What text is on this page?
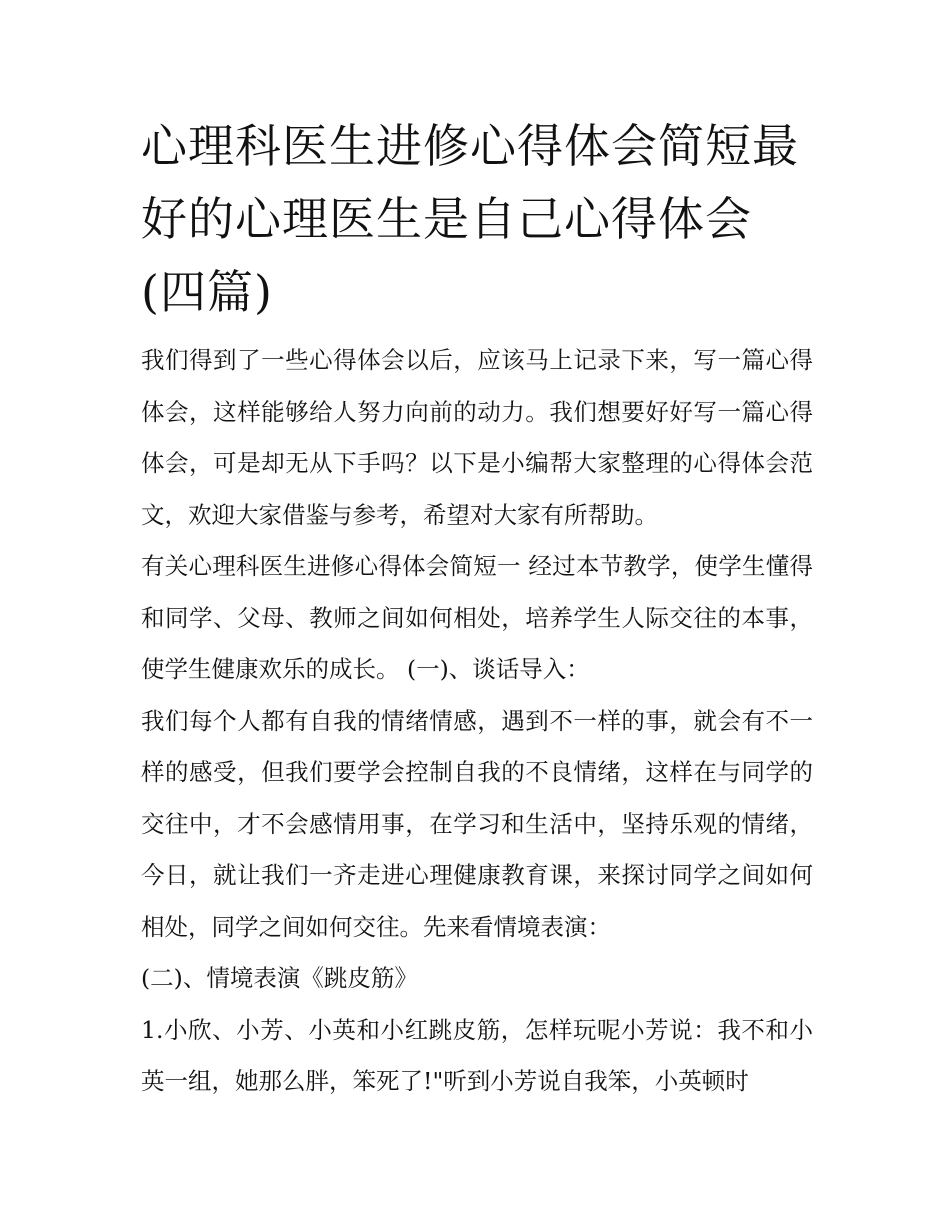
心理科医生进修心得体会简短最好的心理医生是自己心得体会(四篇)

我们得到了一些心得体会以后，应该马上记录下来，写一篇心得体会，这样能够给人努力向前的动力。我们想要好好写一篇心得体会，可是却无从下手吗？以下是小编帮大家整理的心得体会范文，欢迎大家借鉴与参考，希望对大家有所帮助。

有关心理科医生进修心得体会简短一 经过本节教学，使学生懂得和同学、父母、教师之间如何相处，培养学生人际交往的本事，使学生健康欢乐的成长。 (一)、谈话导入：

我们每个人都有自我的情绪情感，遇到不一样的事，就会有不一样的感受，但我们要学会控制自我的不良情绪，这样在与同学的交往中，才不会感情用事，在学习和生活中，坚持乐观的情绪，今日，就让我们一齐走进心理健康教育课，来探讨同学之间如何相处，同学之间如何交往。先来看情境表演：

(二)、情境表演《跳皮筋》

1.小欣、小芳、小英和小红跳皮筋，怎样玩呢小芳说：我不和小英一组，她那么胖，笨死了!"听到小芳说自我笨，小英顿时
